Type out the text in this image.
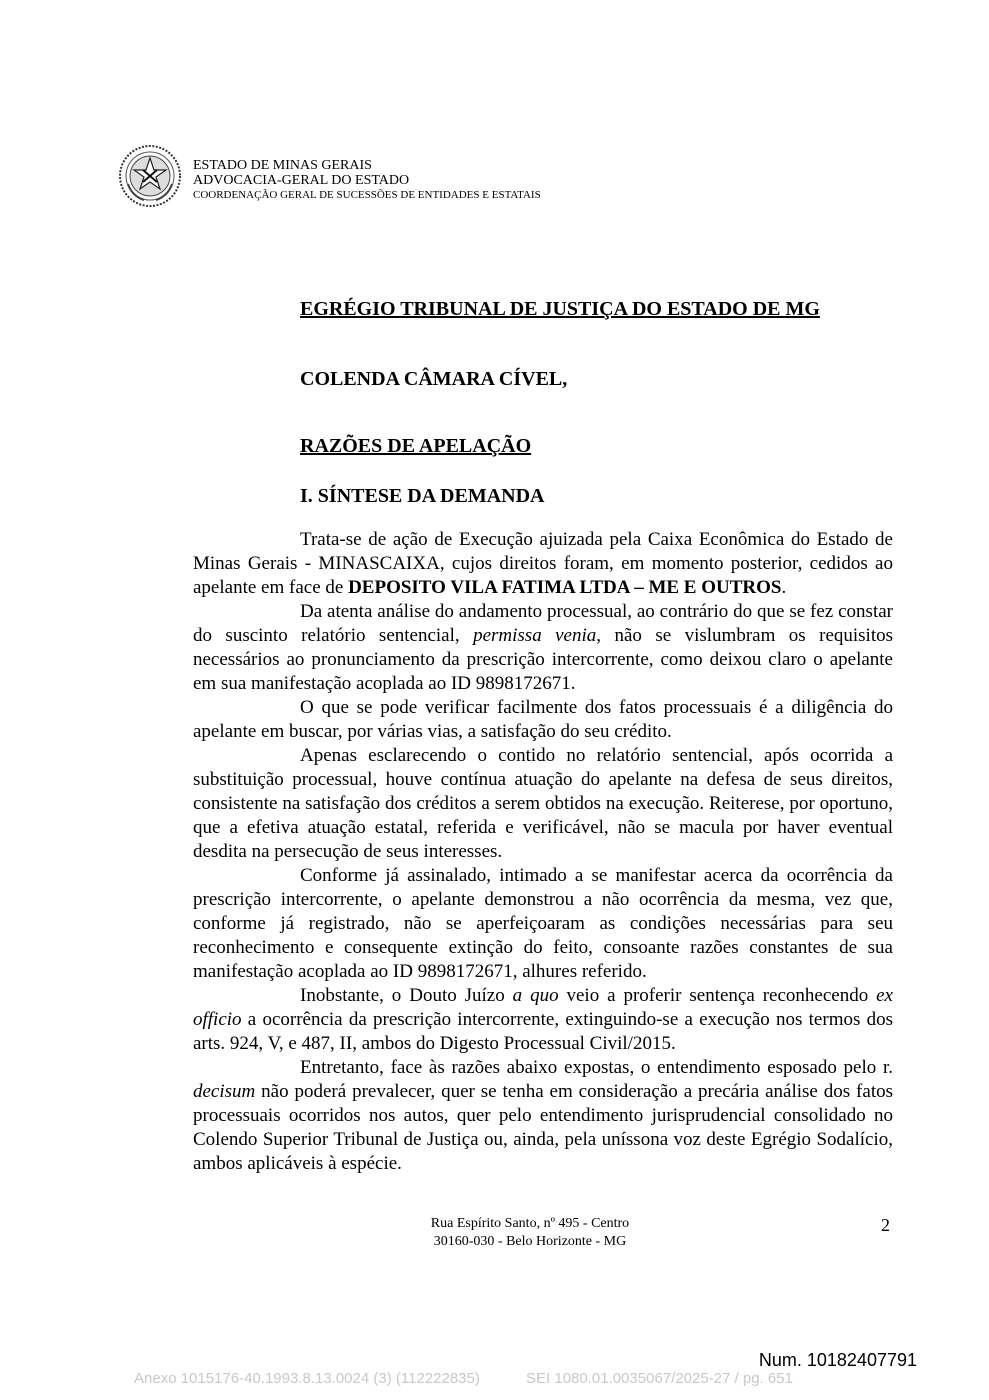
ESTADO DE MINAS GERAIS
ADVOCACIA-GERAL DO ESTADO
COORDENAÇÃO GERAL DE SUCESSÕES DE ENTIDADES E ESTATAIS
EGRÉGIO TRIBUNAL DE JUSTIÇA DO ESTADO DE MG
COLENDA CÂMARA CÍVEL,
RAZÕES DE APELAÇÃO
I. SÍNTESE DA DEMANDA

Trata-se de ação de Execução ajuizada pela Caixa Econômica do Estado de Minas Gerais - MINASCAIXA, cujos direitos foram, em momento posterior, cedidos ao apelante em face de DEPOSITO VILA FATIMA LTDA – ME E OUTROS.

Da atenta análise do andamento processual, ao contrário do que se fez constar do suscinto relatório sentencial, permissa venia, não se vislumbram os requisitos necessários ao pronunciamento da prescrição intercorrente, como deixou claro o apelante em sua manifestação acoplada ao ID 9898172671.

O que se pode verificar facilmente dos fatos processuais é a diligência do apelante em buscar, por várias vias, a satisfação do seu crédito.

Apenas esclarecendo o contido no relatório sentencial, após ocorrida a substituição processual, houve contínua atuação do apelante na defesa de seus direitos, consistente na satisfação dos créditos a serem obtidos na execução. Reiterese, por oportuno, que a efetiva atuação estatal, referida e verificável, não se macula por haver eventual desdita na persecução de seus interesses.

Conforme já assinalado, intimado a se manifestar acerca da ocorrência da prescrição intercorrente, o apelante demonstrou a não ocorrência da mesma, vez que, conforme já registrado, não se aperfeiçoaram as condições necessárias para seu reconhecimento e consequente extinção do feito, consoante razões constantes de sua manifestação acoplada ao ID 9898172671, alhures referido.

Inobstante, o Douto Juízo a quo veio a proferir sentença reconhecendo ex officio a ocorrência da prescrição intercorrente, extinguindo-se a execução nos termos dos arts. 924, V, e 487, II, ambos do Digesto Processual Civil/2015.

Entretanto, face às razões abaixo expostas, o entendimento esposado pelo r. decisum não poderá prevalecer, quer se tenha em consideração a precária análise dos fatos processuais ocorridos nos autos, quer pelo entendimento jurisprudencial consolidado no Colendo Superior Tribunal de Justiça ou, ainda, pela uníssona voz deste Egrégio Sodalício, ambos aplicáveis à espécie.

Rua Espírito Santo, nº 495 - Centro
30160-030 - Belo Horizonte - MG
2
Num. 10182407791
Anexo 1015176-40.1993.8.13.0024 (3) (112222835)	SEI 1080.01.0035067/2025-27 / pg. 651
